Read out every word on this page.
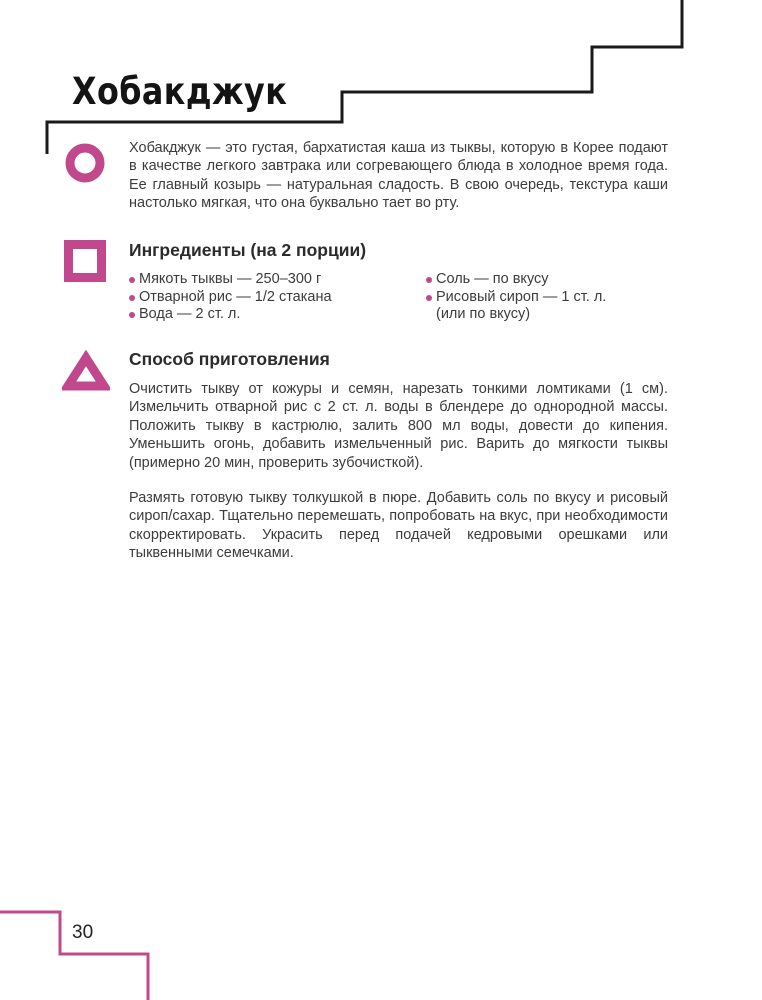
Хобакджук

Хобакджук — это густая, бархатистая каша из тыквы, которую в Корее подают в качестве легкого завтрака или согревающего блюда в холодное время года. Ее главный козырь — натуральная сладость. В свою очередь, текстура каши настолько мягкая, что она буквально тает во рту.

Ингредиенты (на 2 порции)
Мякоть тыквы — 250–300 г
Отварной рис — 1/2 стакана
Вода — 2 ст. л.
Соль — по вкусу
Рисовый сироп — 1 ст. л.
(или по вкусу)
Способ приготовления

Очистить тыкву от кожуры и семян, нарезать тонкими ломтиками (1 см). Измельчить отварной рис с 2 ст. л. воды в блендере до однородной массы. Положить тыкву в кастрюлю, залить 800 мл воды, довести до кипения. Уменьшить огонь, добавить измельченный рис. Варить до мягкости тыквы (примерно 20 мин, проверить зубочисткой).

Размять готовую тыкву толкушкой в пюре. Добавить соль по вкусу и рисовый сироп/сахар. Тщательно перемешать, попробовать на вкус, при необходимости скорректировать. Украсить перед подачей кедровыми орешками или тыквенными семечками.

30
